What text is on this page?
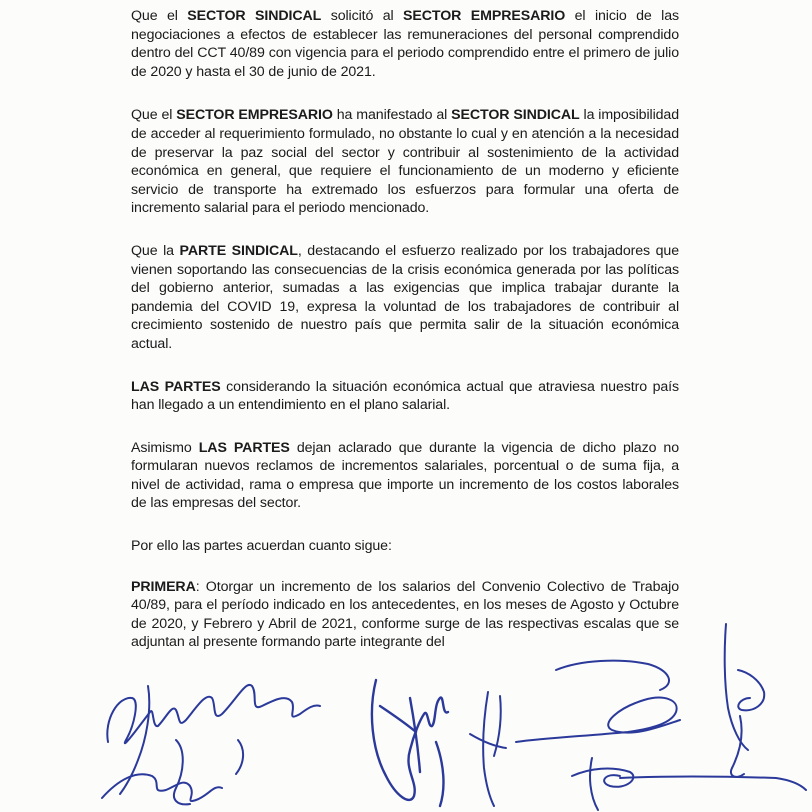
Que el SECTOR SINDICAL solicitó al SECTOR EMPRESARIO el inicio de las negociaciones a efectos de establecer las remuneraciones del personal comprendido dentro del CCT 40/89 con vigencia para el periodo comprendido entre el primero de julio de 2020 y hasta el 30 de junio de 2021.

Que el SECTOR EMPRESARIO ha manifestado al SECTOR SINDICAL la imposibilidad de acceder al requerimiento formulado, no obstante lo cual y en atención a la necesidad de preservar la paz social del sector y contribuir al sostenimiento de la actividad económica en general, que requiere el funcionamiento de un moderno y eficiente servicio de transporte ha extremado los esfuerzos para formular una oferta de incremento salarial para el periodo mencionado.

Que la PARTE SINDICAL, destacando el esfuerzo realizado por los trabajadores que vienen soportando las consecuencias de la crisis económica generada por las políticas del gobierno anterior, sumadas a las exigencias que implica trabajar durante la pandemia del COVID 19, expresa la voluntad de los trabajadores de contribuir al crecimiento sostenido de nuestro país que permita salir de la situación económica actual.

LAS PARTES considerando la situación económica actual que atraviesa nuestro país han llegado a un entendimiento en el plano salarial.

Asimismo LAS PARTES dejan aclarado que durante la vigencia de dicho plazo no formularan nuevos reclamos de incrementos salariales, porcentual o de suma fija, a nivel de actividad, rama o empresa que importe un incremento de los costos laborales de las empresas del sector.

Por ello las partes acuerdan cuanto sigue:

PRIMERA: Otorgar un incremento de los salarios del Convenio Colectivo de Trabajo 40/89, para el período indicado en los antecedentes, en los meses de Agosto y Octubre de 2020, y Febrero y Abril de 2021, conforme surge de las respectivas escalas que se adjuntan al presente formando parte integrante del
